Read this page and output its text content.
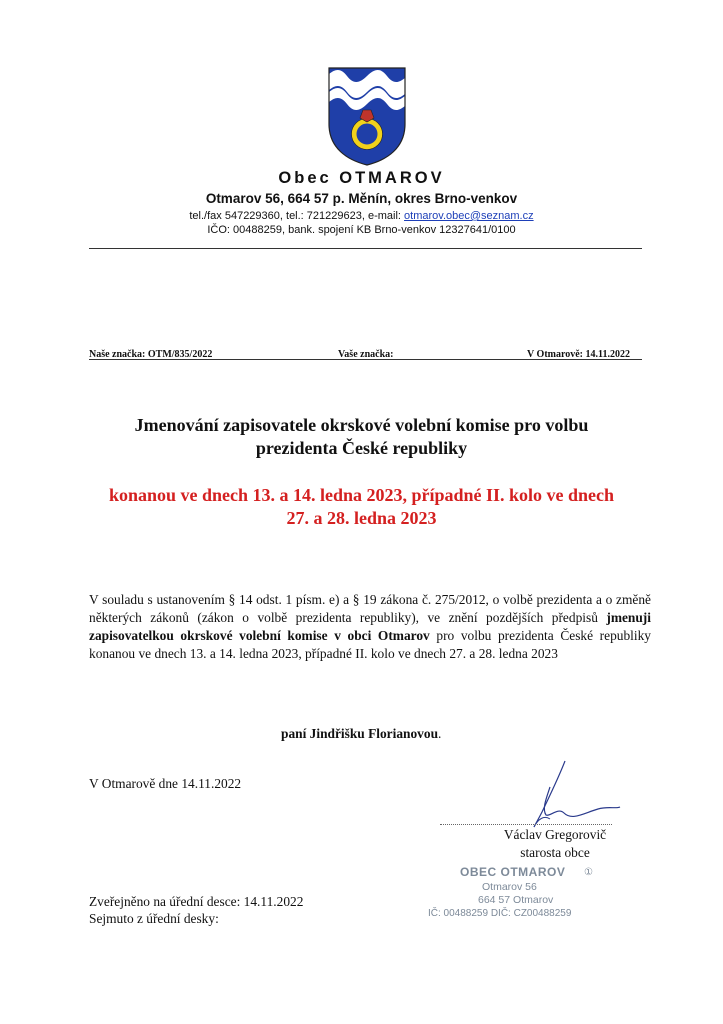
Obec OTMAROV
Otmarov 56, 664 57 p. Měnín, okres Brno-venkov
tel./fax 547229360, tel.: 721229623, e-mail: otmarov.obec@seznam.cz
IČO: 00488259, bank. spojení KB Brno-venkov 12327641/0100
Naše značka: OTM/835/2022	Vaše značka:	V Otmarově: 14.11.2022
Jmenování zapisovatele okrskové volební komise pro volbu
prezidenta České republiky
konanou ve dnech 13. a 14. ledna 2023, případné II. kolo ve dnech
27. a 28. ledna 2023
V souladu s ustanovením § 14 odst. 1 písm. e) a § 19 zákona č. 275/2012, o volbě prezidenta a o změně některých zákonů (zákon o volbě prezidenta republiky), ve znění pozdějších předpisů jmenuji zapisovatelkou okrskové volební komise v obci Otmarov pro volbu prezidenta České republiky konanou ve dnech 13. a 14. ledna 2023, případné II. kolo ve dnech 27. a 28. ledna 2023
paní Jindřišku Florianovou.
V Otmarově dne 14.11.2022
Václav Gregorovič
starosta obce
OBEC OTMAROV ①
Otmarov 56
664 57 Otmarov
IČ: 00488259 DIČ: CZ00488259
Zveřejněno na úřední desce: 14.11.2022
Sejmuto z úřední desky:
